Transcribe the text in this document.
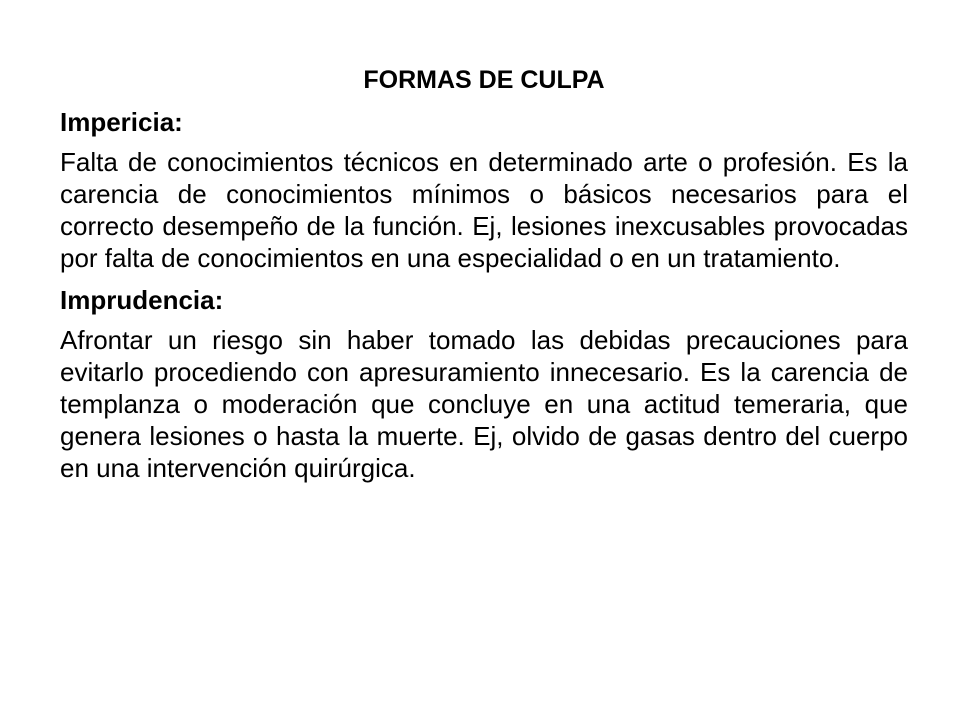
FORMAS DE CULPA
Impericia:
Falta de conocimientos técnicos en determinado arte o profesión. Es la carencia de conocimientos mínimos o básicos necesarios para el correcto desempeño de la función. Ej, lesiones inexcusables provocadas por falta de conocimientos en una especialidad o en un tratamiento.
Imprudencia:
Afrontar un riesgo sin haber tomado las debidas precauciones para evitarlo procediendo con apresuramiento innecesario. Es la carencia de templanza o moderación que concluye en una actitud temeraria, que genera lesiones o hasta la muerte. Ej, olvido de gasas dentro del cuerpo en una intervención quirúrgica.
